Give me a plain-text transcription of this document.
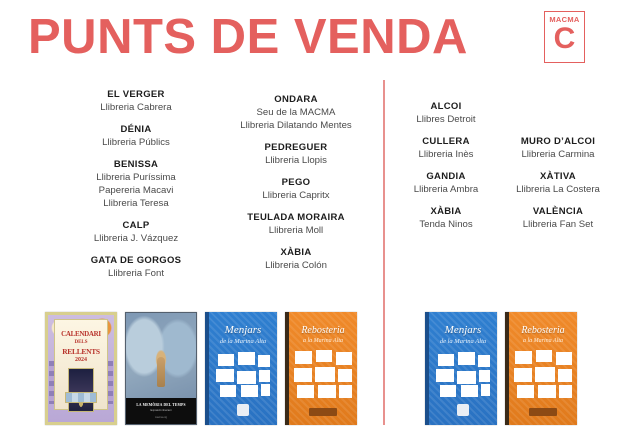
PUNTS DE VENDA	MACMA
C
EL VERGER
Llibreria Cabrera
DÉNIA
Llibreria Públics
BENISSA
Llibreria Puríssima
Papereria Macavi
Llibreria Teresa
CALP
Llibreria J. Vázquez
GATA DE GORGOS
Llibreria Font
ONDARA
Seu de la MACMA
Llibreria Dilatando Mentes
PEDREGUER
Llibreria Llopis
PEGO
Llibreria Capritx
TEULADA MORAIRA
Llibreria Moll
XÀBIA
Llibreria Colón
ALCOI
Llibres Detroit
CULLERA
Llibreria Inès
GANDIA
Llibreria Ambra
XÀBIA
Tenda Ninos
MURO D’ALCOI
Llibreria Carmina
XÀTIVA
Llibreria La Costera
VALÈNCIA
Llibreria Fan Set
CALENDARI
DELS
RELLENTS
2024
LA MEMÒRIA DEL TEMPS
Exposició itinerant
macma.org
Menjars
de la Marina Alta
Rebosteria
a la Marina Alta
Menjars
de la Marina Alta
Rebosteria
a la Marina Alta
